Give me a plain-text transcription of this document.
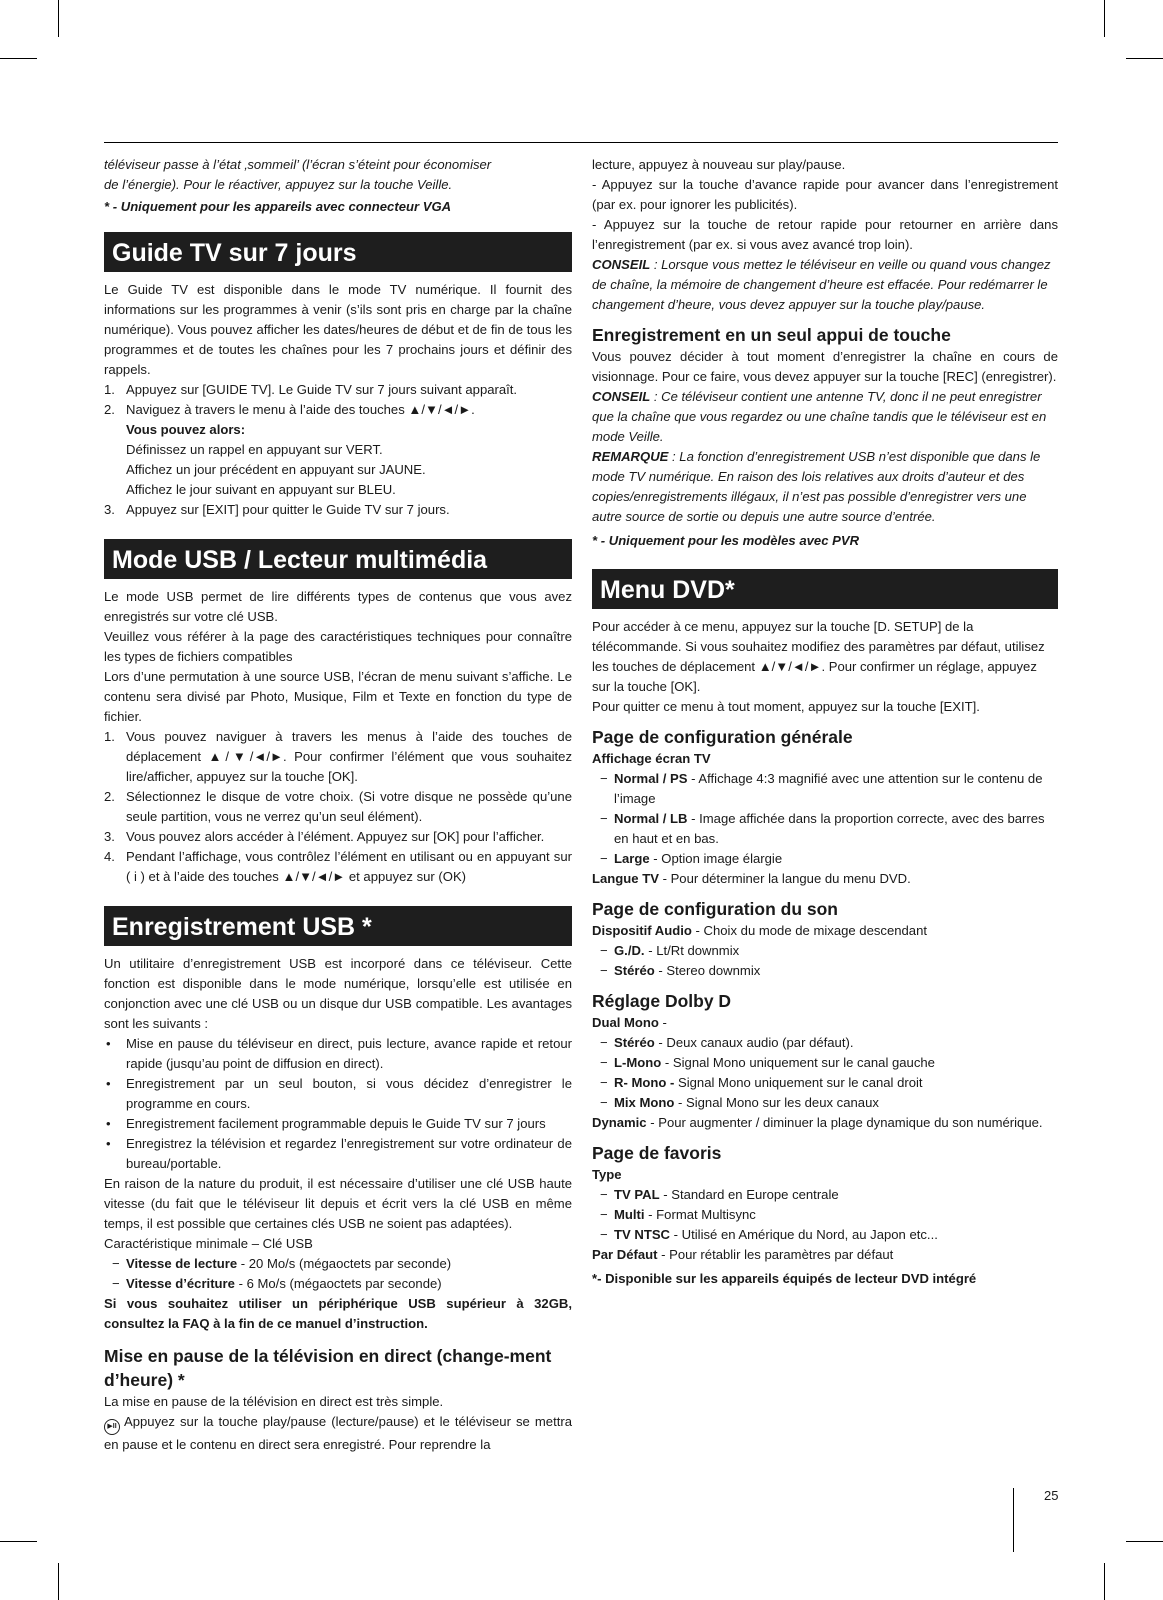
téléviseur passe à l’état ‚sommeil’ (l’écran s’éteint pour économiser

de l’énergie). Pour le réactiver, appuyez sur la touche Veille.

* - Uniquement pour les appareils avec connecteur VGA

Guide TV sur 7 jours

Le Guide TV est disponible dans le mode TV numérique. Il fournit des informations sur les programmes à venir (s’ils sont pris en charge par la chaîne numérique). Vous pouvez afficher les dates/heures de début et de fin de tous les programmes et de toutes les chaînes pour les 7 prochains jours et définir des rappels.

1. Appuyez sur [GUIDE TV]. Le Guide TV sur 7 jours suivant apparaît.

2. Naviguez à travers le menu à l’aide des touches ▲/▼/◄/►.

Vous pouvez alors:

Définissez un rappel en appuyant sur VERT.

Affichez un jour précédent en appuyant sur JAUNE.

Affichez le jour suivant en appuyant sur BLEU.

3. Appuyez sur [EXIT] pour quitter le Guide TV sur 7 jours.

Mode USB / Lecteur multimédia

Le mode USB permet de lire différents types de contenus que vous avez enregistrés sur votre clé USB.

Veuillez vous référer à la page des caractéristiques techniques pour connaître les types de fichiers compatibles

Lors d’une permutation à une source USB, l’écran de menu suivant s’affiche. Le contenu sera divisé par Photo, Musique, Film et Texte en fonction du type de fichier.

1. Vous pouvez naviguer à travers les menus à l’aide des touches de déplacement ▲/▼/◄/►. Pour confirmer l’élément que vous souhaitez lire/afficher, appuyez sur la touche [OK].

2. Sélectionnez le disque de votre choix. (Si votre disque ne possède qu’une seule partition, vous ne verrez qu’un seul élément).

3. Vous pouvez alors accéder à l’élément. Appuyez sur [OK] pour l’afficher.

4. Pendant l’affichage, vous contrôlez l’élément en utilisant ou en appuyant sur ( i ) et à l’aide des touches ▲/▼/◄/► et appuyez sur (OK)

Enregistrement USB *

Un utilitaire d’enregistrement USB est incorporé dans ce téléviseur. Cette fonction est disponible dans le mode numérique, lorsqu’elle est utilisée en conjonction avec une clé USB ou un disque dur USB compatible. Les avantages sont les suivants :

• Mise en pause du téléviseur en direct, puis lecture, avance rapide et retour rapide (jusqu’au point de diffusion en direct).

• Enregistrement par un seul bouton, si vous décidez d’enregistrer le programme en cours.

• Enregistrement facilement programmable depuis le Guide TV sur 7 jours

• Enregistrez la télévision et regardez l’enregistrement sur votre ordinateur de bureau/portable.

En raison de la nature du produit, il est nécessaire d’utiliser une clé USB haute vitesse (du fait que le téléviseur lit depuis et écrit vers la clé USB en même temps, il est possible que certaines clés USB ne soient pas adaptées).

Caractéristique minimale – Clé USB

− Vitesse de lecture - 20 Mo/s (mégaoctets par seconde)

− Vitesse d’écriture - 6 Mo/s (mégaoctets par seconde)

Si vous souhaitez utiliser un périphérique USB supérieur à 32GB, consultez la FAQ à la fin de ce manuel d’instruction.

Mise en pause de la télévision en direct (change-ment d’heure) *

La mise en pause de la télévision en direct est très simple.

▶II Appuyez sur la touche play/pause (lecture/pause) et le téléviseur se mettra en pause et le contenu en direct sera enregistré. Pour reprendre la

lecture, appuyez à nouveau sur play/pause.

- Appuyez sur la touche d’avance rapide pour avancer dans l’enregistrement (par ex. pour ignorer les publicités).

- Appuyez sur la touche de retour rapide pour retourner en arrière dans l’enregistrement (par ex. si vous avez avancé trop loin).

CONSEIL : Lorsque vous mettez le téléviseur en veille ou quand vous changez de chaîne, la mémoire de changement d’heure est effacée. Pour redémarrer le changement d’heure, vous devez appuyer sur la touche play/pause.

Enregistrement en un seul appui de touche

Vous pouvez décider à tout moment d’enregistrer la chaîne en cours de visionnage. Pour ce faire, vous devez appuyer sur la touche [REC] (enregistrer).

CONSEIL : Ce téléviseur contient une antenne TV, donc il ne peut enregistrer que la chaîne que vous regardez ou une chaîne tandis que le téléviseur est en mode Veille.

REMARQUE : La fonction d’enregistrement USB n’est disponible que dans le mode TV numérique. En raison des lois relatives aux droits d’auteur et des copies/enregistrements illégaux, il n’est pas possible d’enregistrer vers une autre source de sortie ou depuis une autre source d’entrée.

* - Uniquement pour les modèles avec PVR

Menu DVD*

Pour accéder à ce menu, appuyez sur la touche [D. SETUP] de la télécommande. Si vous souhaitez modifiez des paramètres par défaut, utilisez les touches de déplacement ▲/▼/◄/►. Pour confirmer un réglage, appuyez sur la touche [OK].

Pour quitter ce menu à tout moment, appuyez sur la touche [EXIT].

Page de configuration générale

Affichage écran TV

− Normal / PS - Affichage 4:3 magnifié avec une attention sur le contenu de l’image

− Normal / LB - Image affichée dans la proportion correcte, avec des barres en haut et en bas.

− Large - Option image élargie

Langue TV - Pour déterminer la langue du menu DVD.

Page de configuration du son

Dispositif Audio - Choix du mode de mixage descendant

− G./D. - Lt/Rt downmix

− Stéréo - Stereo downmix

Réglage Dolby D

Dual Mono -

− Stéréo - Deux canaux audio (par défaut).

− L-Mono - Signal Mono uniquement sur le canal gauche

− R- Mono - Signal Mono uniquement sur le canal droit

− Mix Mono - Signal Mono sur les deux canaux

Dynamic - Pour augmenter / diminuer la plage dynamique du son numérique.

Page de favoris

Type

− TV PAL - Standard en Europe centrale

− Multi - Format Multisync

− TV NTSC - Utilisé en Amérique du Nord, au Japon etc...

Par Défaut - Pour rétablir les paramètres par défaut

*- Disponible sur les appareils équipés de lecteur DVD intégré

25
